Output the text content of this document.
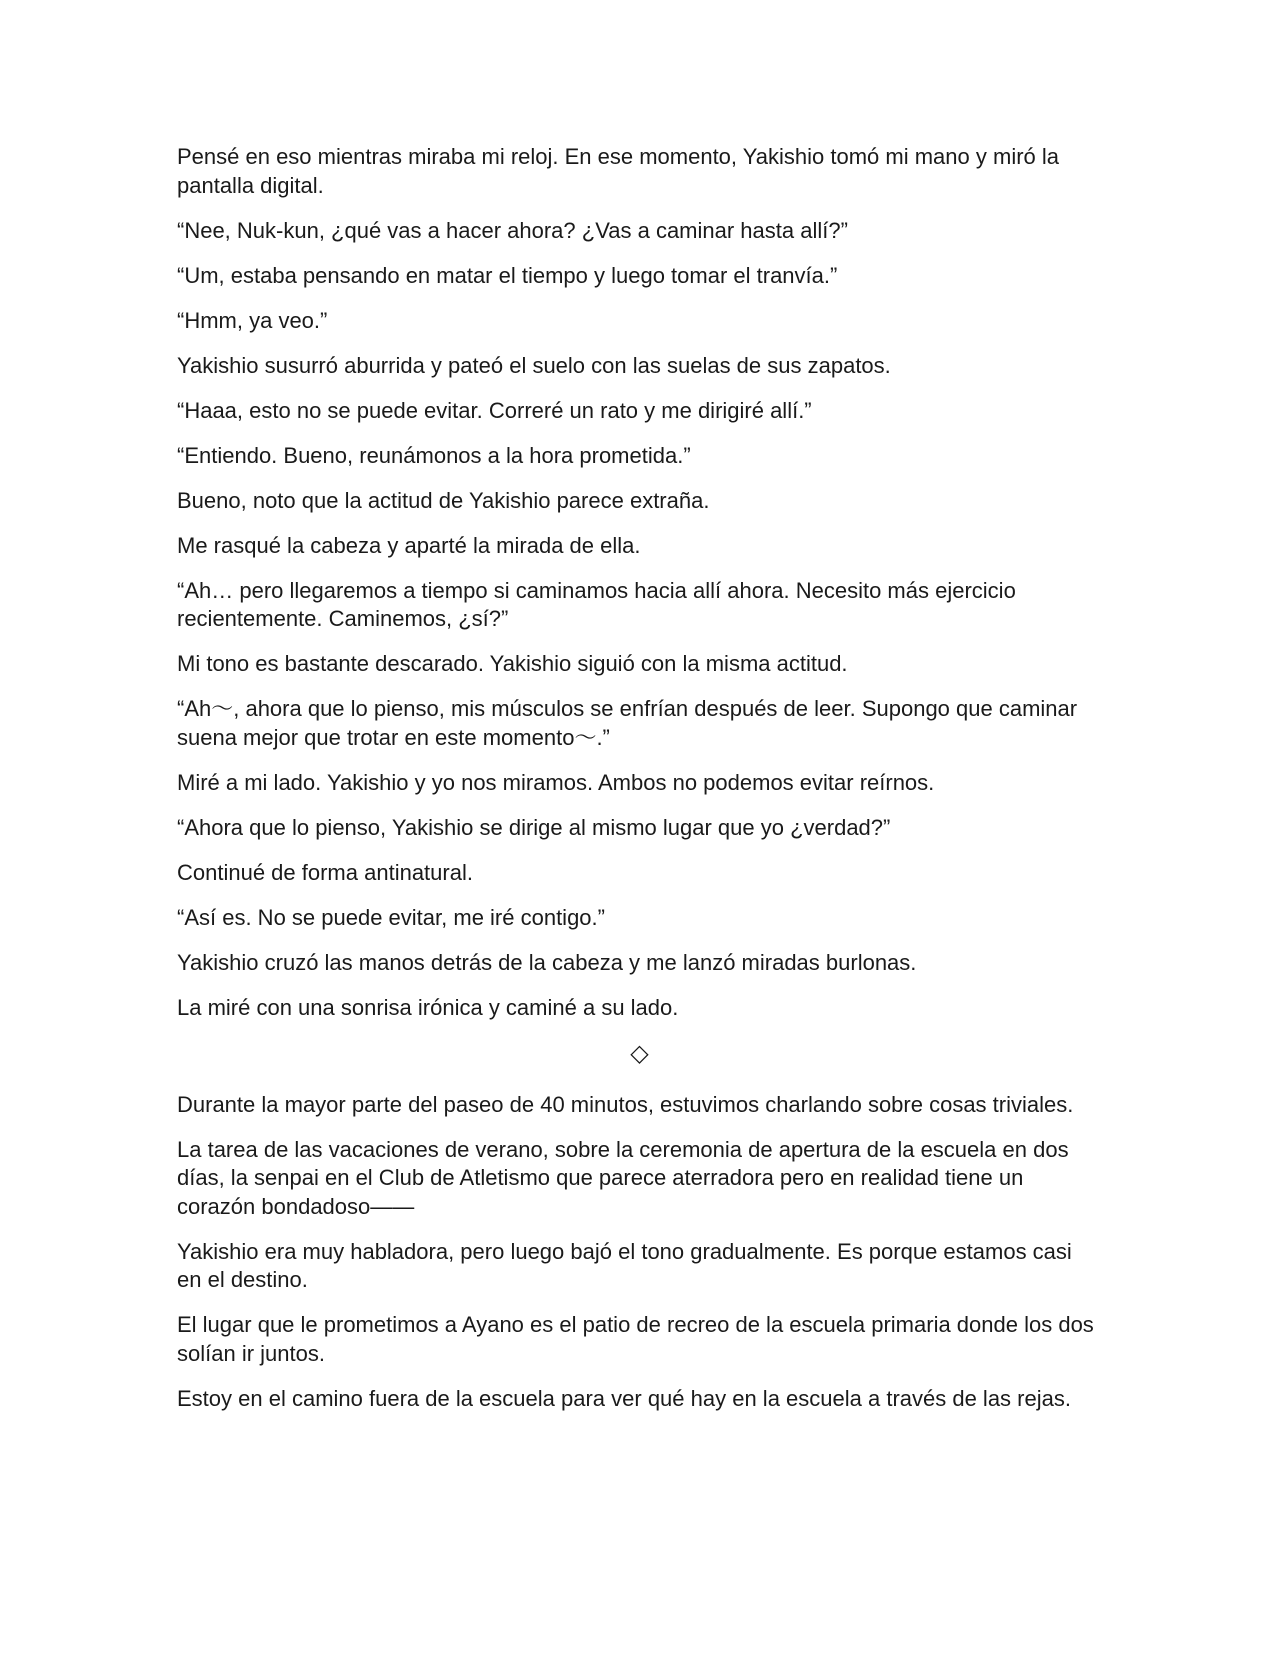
Pensé en eso mientras miraba mi reloj. En ese momento, Yakishio tomó mi mano y miró la pantalla digital.

“Nee, Nuk-kun, ¿qué vas a hacer ahora? ¿Vas a caminar hasta allí?”

“Um, estaba pensando en matar el tiempo y luego tomar el tranvía.”

“Hmm, ya veo.”

Yakishio susurró aburrida y pateó el suelo con las suelas de sus zapatos.

“Haaa, esto no se puede evitar. Correré un rato y me dirigiré allí.”

“Entiendo. Bueno, reunámonos a la hora prometida.”

Bueno, noto que la actitud de Yakishio parece extraña.

Me rasqué la cabeza y aparté la mirada de ella.

“Ah… pero llegaremos a tiempo si caminamos hacia allí ahora. Necesito más ejercicio recientemente. Caminemos, ¿sí?”

Mi tono es bastante descarado. Yakishio siguió con la misma actitud.

“Ah〜, ahora que lo pienso, mis músculos se enfrían después de leer. Supongo que caminar suena mejor que trotar en este momento〜.”

Miré a mi lado. Yakishio y yo nos miramos. Ambos no podemos evitar reírnos.

“Ahora que lo pienso, Yakishio se dirige al mismo lugar que yo ¿verdad?”

Continué de forma antinatural.

“Así es. No se puede evitar, me iré contigo.”

Yakishio cruzó las manos detrás de la cabeza y me lanzó miradas burlonas.

La miré con una sonrisa irónica y caminé a su lado.

◇

Durante la mayor parte del paseo de 40 minutos, estuvimos charlando sobre cosas triviales.

La tarea de las vacaciones de verano, sobre la ceremonia de apertura de la escuela en dos días, la senpai en el Club de Atletismo que parece aterradora pero en realidad tiene un corazón bondadoso——

Yakishio era muy habladora, pero luego bajó el tono gradualmente. Es porque estamos casi en el destino.

El lugar que le prometimos a Ayano es el patio de recreo de la escuela primaria donde los dos solían ir juntos.

Estoy en el camino fuera de la escuela para ver qué hay en la escuela a través de las rejas.
